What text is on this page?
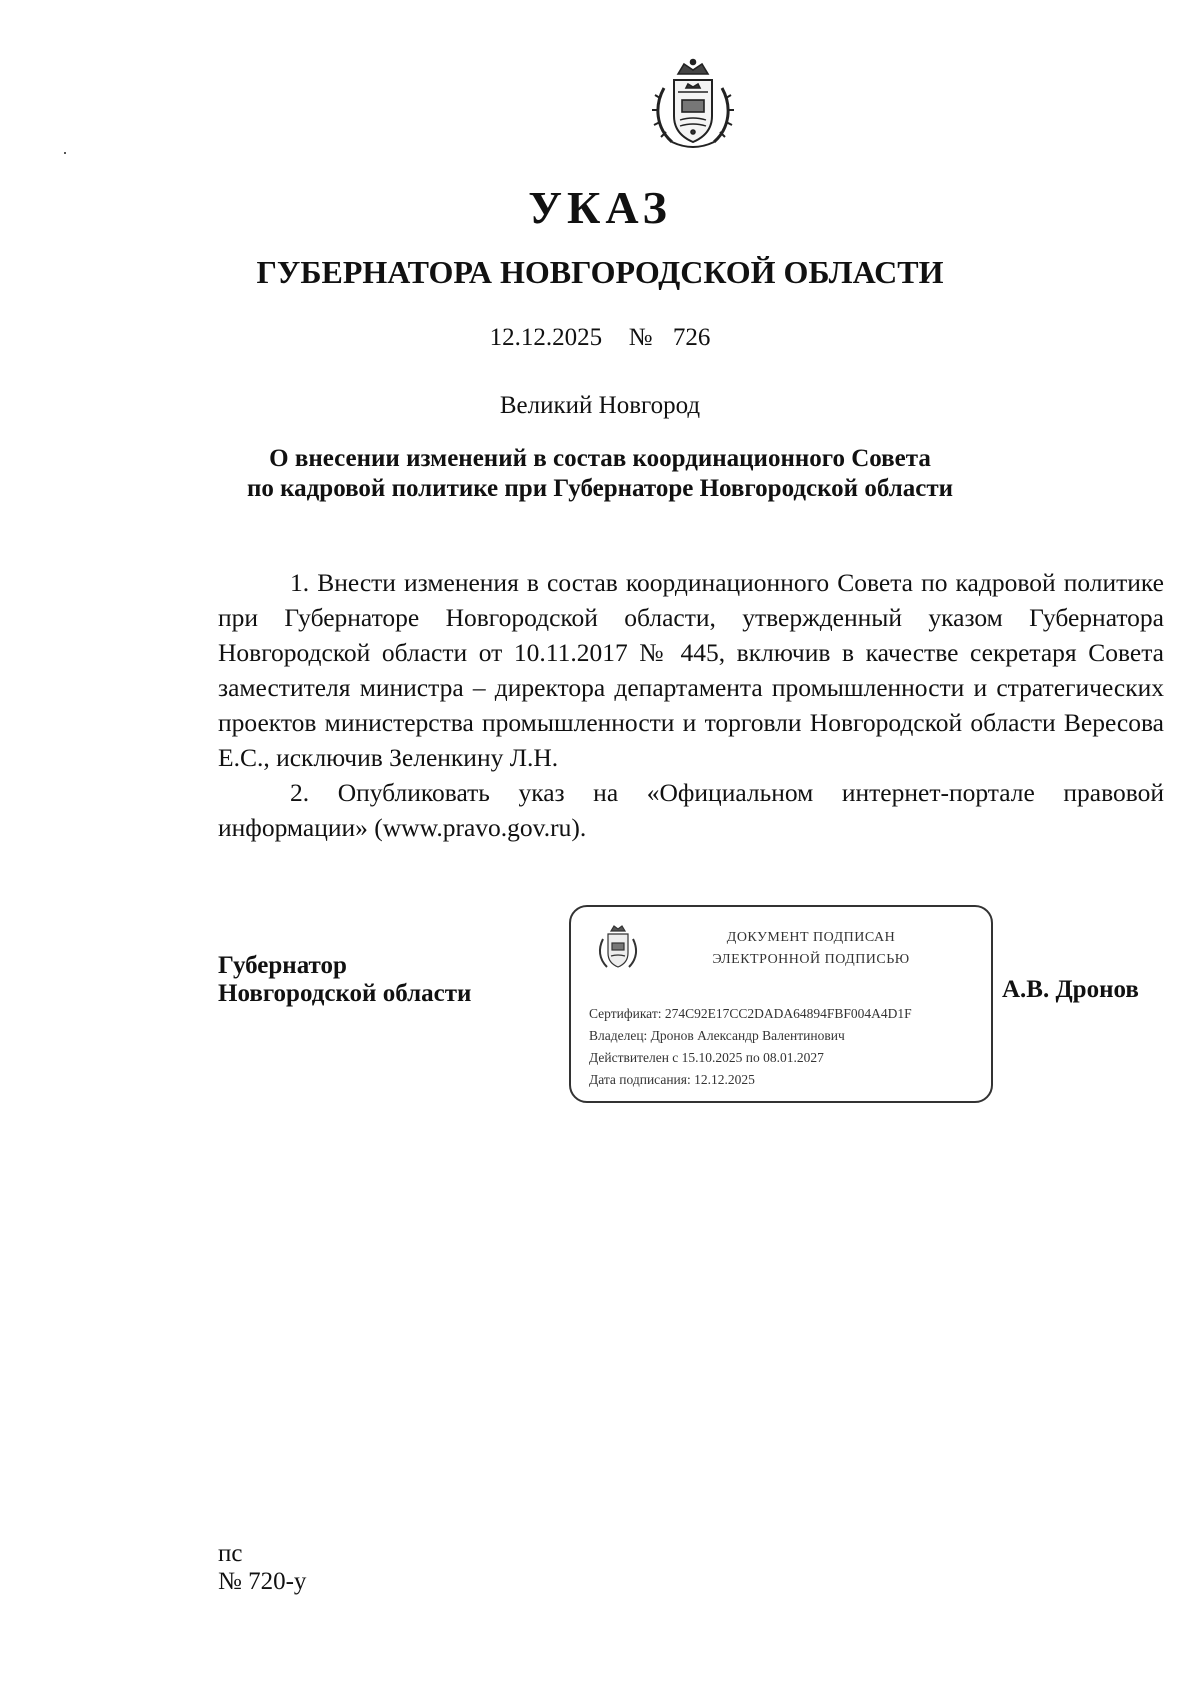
УКАЗ
ГУБЕРНАТОРА НОВГОРОДСКОЙ ОБЛАСТИ
12.12.2025 № 726
Великий Новгород
О внесении изменений в состав координационного Совета
по кадровой политике при Губернаторе Новгородской области

1. Внести изменения в состав координационного Совета по кадровой политике при Губернаторе Новгородской области, утвержденный указом Губернатора Новгородской области от 10.11.2017 № 445, включив в качестве секретаря Совета заместителя министра – директора департамента промышленности и стратегических проектов министерства промышленности и торговли Новгородской области Вересова Е.С., исключив Зеленкину Л.Н.

2. Опубликовать указ на «Официальном интернет-портале правовой информации» (www.pravo.gov.ru).

Губернатор
Новгородской области
ДОКУМЕНТ ПОДПИСАН
ЭЛЕКТРОННОЙ ПОДПИСЬЮ
Сертификат: 274C92E17CC2DADA64894FBF004A4D1F
Владелец: Дронов Александр Валентинович
Действителен с 15.10.2025 по 08.01.2027
Дата подписания: 12.12.2025
А.В. Дронов
пс
№ 720-у
